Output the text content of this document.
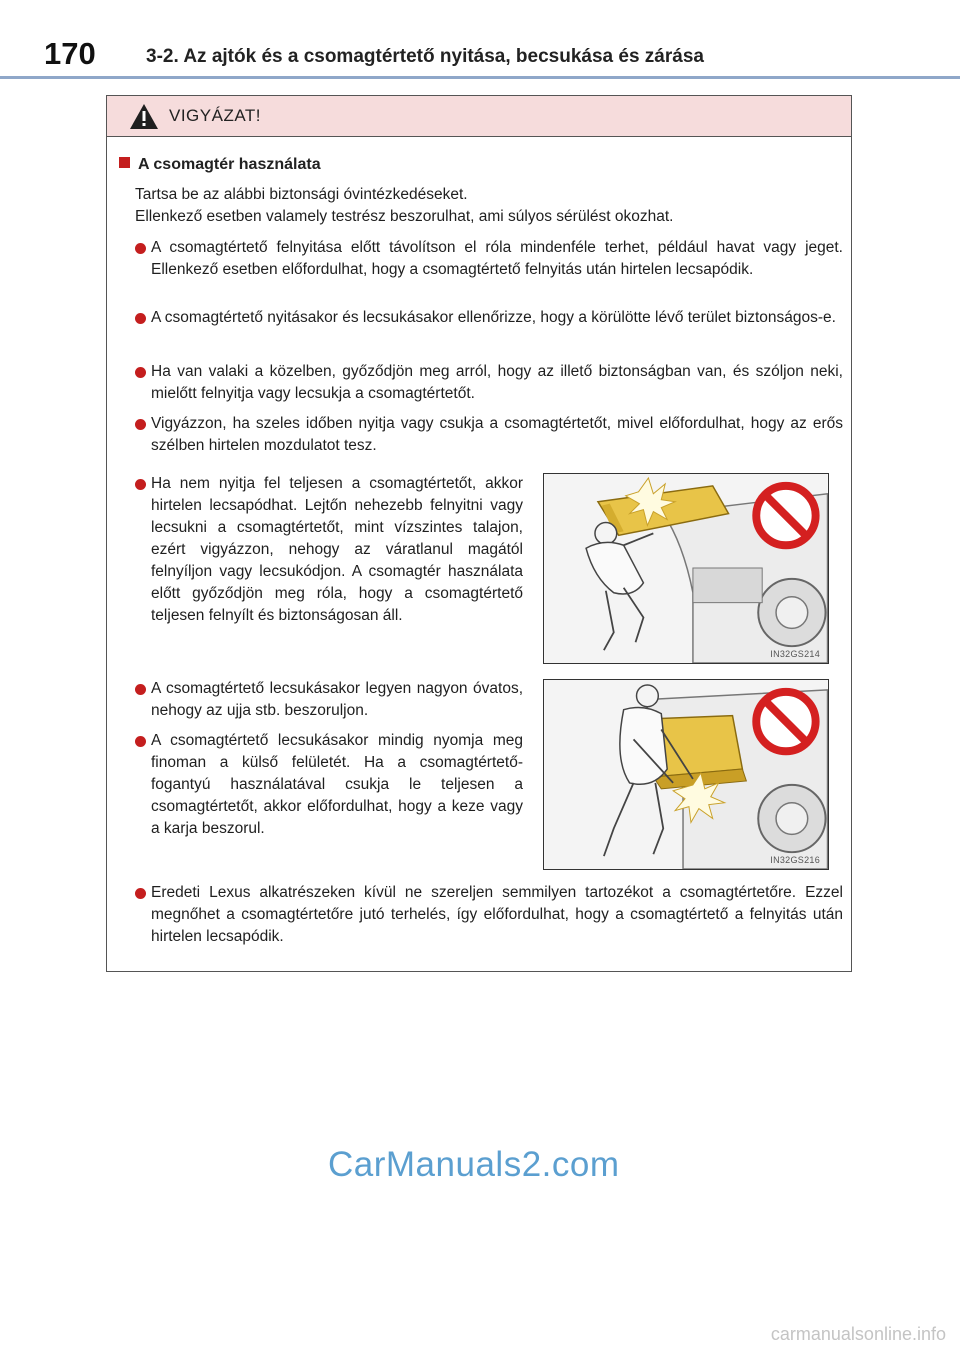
170	3-2. Az ajtók és a csomagtértető nyitása, becsukása és zárása
VIGYÁZAT!
A csomagtér használata
Tartsa be az alábbi biztonsági óvintézkedéseket.
Ellenkező esetben valamely testrész beszorulhat, ami súlyos sérülést okozhat.
A csomagtértető felnyitása előtt távolítson el róla mindenféle terhet, például havat vagy jeget. Ellenkező esetben előfordulhat, hogy a csomagtértető felnyitás után hirtelen lecsapódik.
A csomagtértető nyitásakor és lecsukásakor ellenőrizze, hogy a körülötte lévő terület biztonságos-e.
Ha van valaki a közelben, győződjön meg arról, hogy az illető biztonságban van, és szóljon neki, mielőtt felnyitja vagy lecsukja a csomagtértetőt.
Vigyázzon, ha szeles időben nyitja vagy csukja a csomagtértetőt, mivel előfordulhat, hogy az erős szélben hirtelen mozdulatot tesz.
Ha nem nyitja fel teljesen a csomagtértetőt, akkor hirtelen lecsapódhat. Lejtőn nehezebb felnyitni vagy lecsukni a csomagtértetőt, mint vízszintes talajon, ezért vigyázzon, nehogy az váratlanul magától felnyíljon vagy lecsukódjon. A csomagtér használata előtt győződjön meg róla, hogy a csomagtértető teljesen felnyílt és biztonságosan áll.
A csomagtértető lecsukásakor legyen nagyon óvatos, nehogy az ujja stb. beszoruljon.
A csomagtértető lecsukásakor mindig nyomja meg finoman a külső felületét. Ha a csomagtértető-fogantyú használatával csukja le teljesen a csomagtértetőt, akkor előfordulhat, hogy a keze vagy a karja beszorul.
Eredeti Lexus alkatrészeken kívül ne szereljen semmilyen tartozékot a csomagtértetőre. Ezzel megnőhet a csomagtértetőre jutó terhelés, így előfordulhat, hogy a csomagtértető a felnyitás után hirtelen lecsapódik.
IN32GS214
IN32GS216
CarManuals2.com
carmanualsonline.info
